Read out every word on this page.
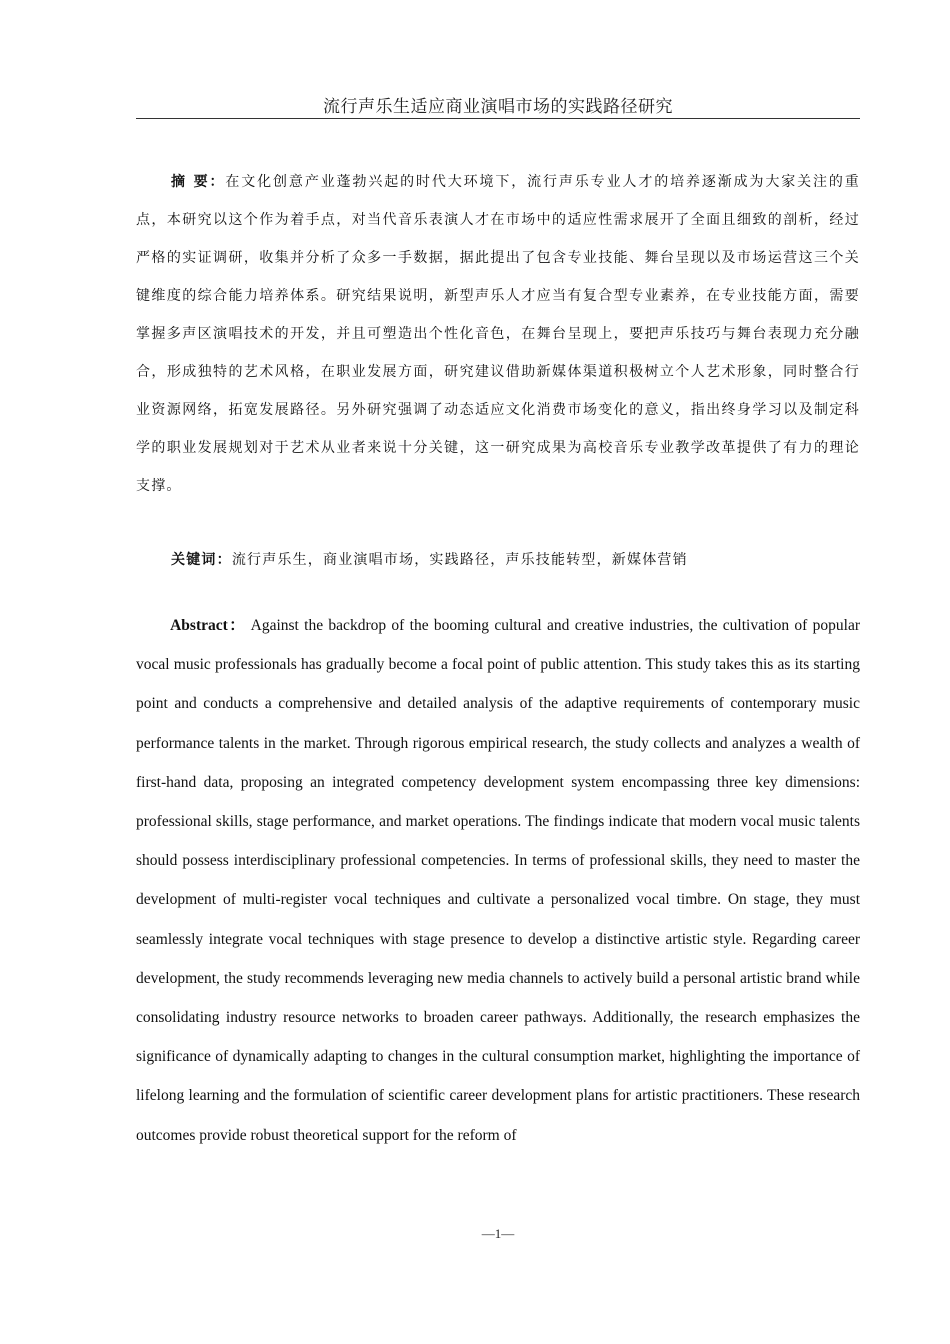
流行声乐生适应商业演唱市场的实践路径研究

摘 要：在文化创意产业蓬勃兴起的时代大环境下，流行声乐专业人才的培养逐渐成为大家关注的重点，本研究以这个作为着手点，对当代音乐表演人才在市场中的适应性需求展开了全面且细致的剖析，经过严格的实证调研，收集并分析了众多一手数据，据此提出了包含专业技能、舞台呈现以及市场运营这三个关键维度的综合能力培养体系。研究结果说明，新型声乐人才应当有复合型专业素养，在专业技能方面，需要掌握多声区演唱技术的开发，并且可塑造出个性化音色，在舞台呈现上，要把声乐技巧与舞台表现力充分融合，形成独特的艺术风格，在职业发展方面，研究建议借助新媒体渠道积极树立个人艺术形象，同时整合行业资源网络，拓宽发展路径。另外研究强调了动态适应文化消费市场变化的意义，指出终身学习以及制定科学的职业发展规划对于艺术从业者来说十分关键，这一研究成果为高校音乐专业教学改革提供了有力的理论支撑。

关键词：流行声乐生，商业演唱市场，实践路径，声乐技能转型，新媒体营销

Abstract： Against the backdrop of the booming cultural and creative industries, the cultivation of popular vocal music professionals has gradually become a focal point of public attention. This study takes this as its starting point and conducts a comprehensive and detailed analysis of the adaptive requirements of contemporary music performance talents in the market. Through rigorous empirical research, the study collects and analyzes a wealth of first-hand data, proposing an integrated competency development system encompassing three key dimensions: professional skills, stage performance, and market operations. The findings indicate that modern vocal music talents should possess interdisciplinary professional competencies. In terms of professional skills, they need to master the development of multi-register vocal techniques and cultivate a personalized vocal timbre. On stage, they must seamlessly integrate vocal techniques with stage presence to develop a distinctive artistic style. Regarding career development, the study recommends leveraging new media channels to actively build a personal artistic brand while consolidating industry resource networks to broaden career pathways. Additionally, the research emphasizes the significance of dynamically adapting to changes in the cultural consumption market, highlighting the importance of lifelong learning and the formulation of scientific career development plans for artistic practitioners. These research outcomes provide robust theoretical support for the reform of

—1—
